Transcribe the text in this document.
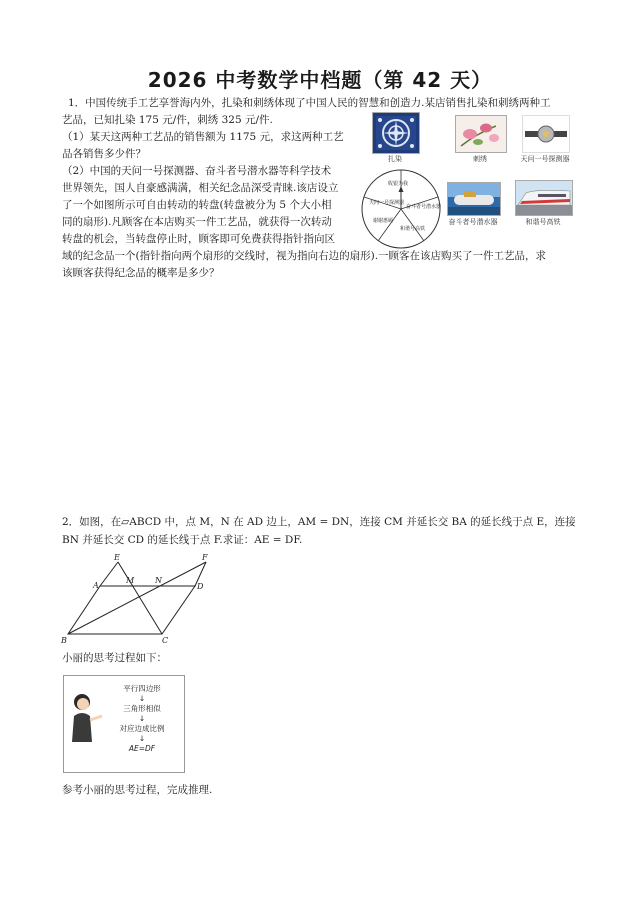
2026 中考数学中档题（第 42 天）
1．中国传统手工艺享誉海内外，扎染和刺绣体现了中国人民的智慧和创造力.某店销售扎染和刺绣两种工
艺品，已知扎染 175 元/件，刺绣 325 元/件.
（1）某天这两种工艺品的销售额为 1175 元，求这两种工艺
品各销售多少件？
（2）中国的天问一号探测器、奋斗者号潜水器等科学技术
世界领先，国人自豪感满满，相关纪念品深受青睐.该店设立
了一个如图所示可自由转动的转盘(转盘被分为 5 个大小相
同的扇形).凡顾客在本店购买一件工艺品，就获得一次转动
转盘的机会，当转盘停止时，顾客即可免费获得指针指向区
域的纪念品一个(指针指向两个扇形的交线时，视为指向右边的扇形).一顾客在该店购买了一件工艺品，求
该顾客获得纪念品的概率是多少？
扎染	刺绣	天问一号探测器
收银为我
天问一号探测器
谢谢惠顾
和谐号高铁
奋斗者号潜水器
奋斗者号潜水器	和谐号高铁
2．如图，在▱ABCD 中，点 M，N 在 AD 边上，AM = DN，连接 CM 并延长交 BA 的延长线于点 E，连接
BN 并延长交 CD 的延长线于点 F.求证：AE = DF.
E	F
A
M	N
D
B	C
小丽的思考过程如下：
平行四边形
↓
三角形相似
↓
对应边成比例
↓
AE=DF
参考小丽的思考过程，完成推理.
